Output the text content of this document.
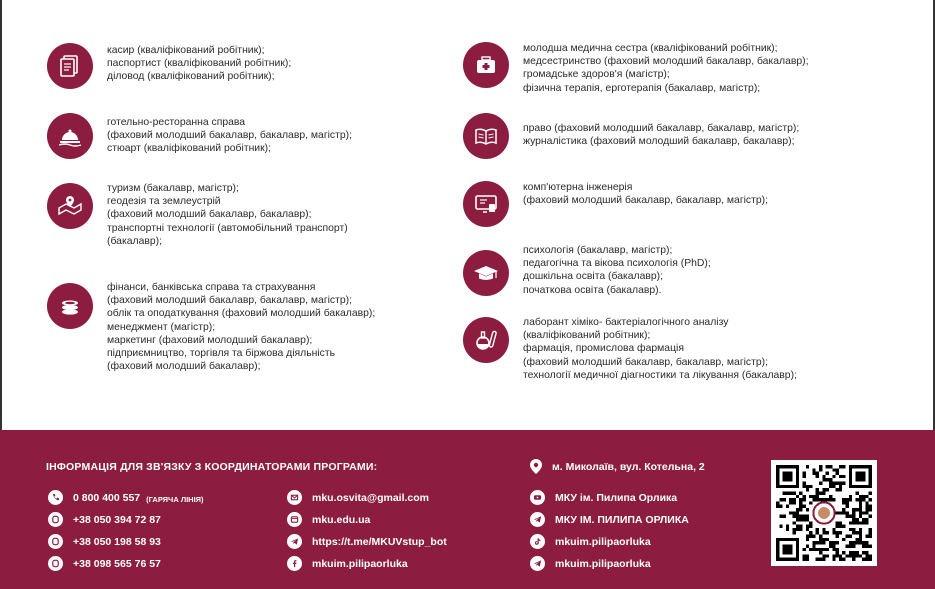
касир (кваліфікований робітник);
паспортист (кваліфікований робітник);
діловод (кваліфікований робітник);
готельно-ресторанна справа
(фаховий молодший бакалавр, бакалавр, магістр);
стюарт (кваліфікований робітник);
туризм (бакалавр, магістр);
геодезія та землеустрій
(фаховий молодший бакалавр, бакалавр);
транспортні технології (автомобільний транспорт)
(бакалавр);
фінанси, банківська справа та страхування
(фаховий молодший бакалавр, бакалавр, магістр);
облік та оподаткування (фаховий молодший бакалавр);
менеджмент (магістр);
маркетинг (фаховий молодший бакалавр);
підприємництво, торгівля та біржова діяльність
(фаховий молодший бакалавр);
молодша медична сестра (кваліфікований робітник);
медсестринство (фаховий молодший бакалавр, бакалавр);
громадське здоров'я (магістр);
фізична терапія, ерготерапія (бакалавр, магістр);
право (фаховий молодший бакалавр, бакалавр, магістр);
журналістика (фаховий молодший бакалавр, бакалавр);
комп'ютерна інженерія
(фаховий молодший бакалавр, бакалавр, магістр);
психологія (бакалавр, магістр);
педагогічна та вікова психологія (PhD);
дошкільна освіта (бакалавр);
початкова освіта (бакалавр).
лаборант хіміко- бактеріалогічного аналізу
(кваліфікований робітник);
фармація, промислова фармація
(фаховий молодший бакалавр, бакалавр, магістр);
технології медичної діагностики та лікування (бакалавр);
ІНФОРМАЦІЯ ДЛЯ ЗВ'ЯЗКУ З КООРДИНАТОРАМИ ПРОГРАМИ:
0 800 400 557 (ГАРЯЧА ЛІНІЯ)
+38 050 394 72 87
+38 050 198 58 93
+38 098 565 76 57
mku.osvita@gmail.com
mku.edu.ua
https://t.me/MKUVstup_bot
mkuim.pilipaorluka
м. Миколаїв, вул. Котельна, 2
МКУ ім. Пилипа Орлика
МКУ ІМ. ПИЛИПА ОРЛИКА
mkuim.pilipaorluka
mkuim.pilipaorluka
